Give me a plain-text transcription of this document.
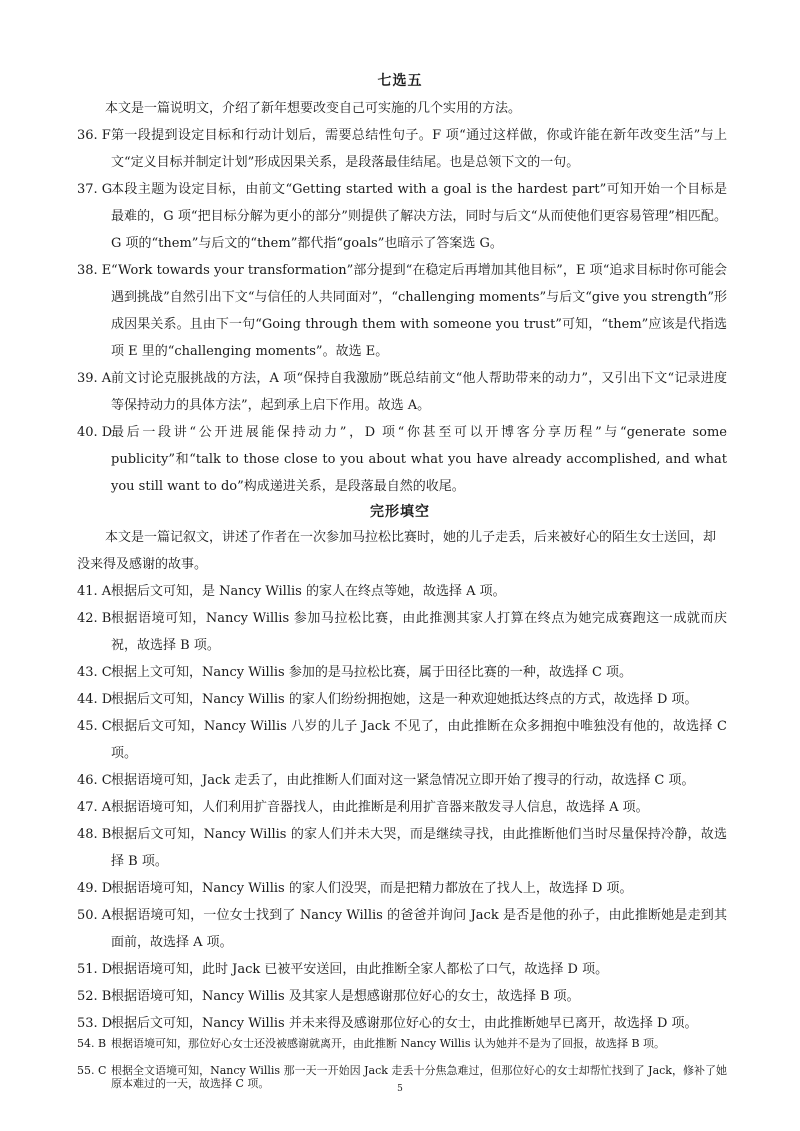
七选五
本文是一篇说明文，介绍了新年想要改变自己可实施的几个实用的方法。
36. F 第一段提到设定目标和行动计划后，需要总结性句子。F 项“通过这样做，你或许能在新年改变生活”与上文“定义目标并制定计划”形成因果关系，是段落最佳结尾。也是总领下文的一句。
37. G
本段主题为设定目标，由前文“Getting started with a goal is the hardest part”可知开始一个目标是最难的，G 项“把目标分解为更小的部分”则提供了解决方法，同时与后文“从而使他们更容易管理”相匹配。G 项的“them”与后文的“them”都代指“goals”也暗示了答案选 G。
38. E “Work towards your transformation”部分提到“在稳定后再增加其他目标”，E 项“追求目标时你可能会遇到挑战”自然引出下文“与信任的人共同面对”，“challenging moments”与后文“give you strength”形成因果关系。且由下一句“Going through them with someone you trust”可知，“them”应该是代指选项 E 里的“challenging moments”。故选 E。
39. A 前文讨论克服挑战的方法，A 项“保持自我激励”既总结前文“他人帮助带来的动力”，又引出下文“记录进度等保持动力的具体方法”，起到承上启下作用。故选 A。
40. D
最后一段讲“公开进展能保持动力”，D 项“你甚至可以开博客分享历程”与“generate some publicity”和“talk to those close to you about what you have already accomplished, and what you still want to do”构成递进关系，是段落最自然的收尾。
完形填空
本文是一篇记叙文，讲述了作者在一次参加马拉松比赛时，她的儿子走丢，后来被好心的陌生女士送回，却没来得及感谢的故事。
41. A 根据后文可知，是 Nancy Willis 的家人在终点等她，故选择 A 项。
42. B 根据语境可知，Nancy Willis 参加马拉松比赛，由此推测其家人打算在终点为她完成赛跑这一成就而庆祝，故选择 B 项。
43. C 根据上文可知，Nancy Willis 参加的是马拉松比赛，属于田径比赛的一种，故选择 C 项。
44. D
根据后文可知，Nancy Willis 的家人们纷纷拥抱她，这是一种欢迎她抵达终点的方式，故选择 D 项。
45. C 根据后文可知，Nancy Willis 八岁的儿子 Jack 不见了，由此推断在众多拥抱中唯独没有他的，故选择 C 项。
46. C 根据语境可知，Jack 走丢了，由此推断人们面对这一紧急情况立即开始了搜寻的行动，故选择 C 项。
47. A 根据语境可知，人们利用扩音器找人，由此推断是利用扩音器来散发寻人信息，故选择 A 项。
48. B 根据后文可知，Nancy Willis 的家人们并未大哭，而是继续寻找，由此推断他们当时尽量保持冷静，故选择 B 项。
49. D
根据语境可知，Nancy Willis 的家人们没哭，而是把精力都放在了找人上，故选择 D 项。
50. A 根据语境可知，一位女士找到了 Nancy Willis 的爸爸并询问 Jack 是否是他的孙子，由此推断她是走到其面前，故选择 A 项。
51. D
根据语境可知，此时 Jack 已被平安送回，由此推断全家人都松了口气，故选择 D 项。
52. B 根据语境可知，Nancy Willis 及其家人是想感谢那位好心的女士，故选择 B 项。
53. D
根据后文可知，Nancy Willis 并未来得及感谢那位好心的女士，由此推断她早已离开，故选择 D 项。
5
54. B 根据语境可知，那位好心女士还没被感谢就离开，由此推断 Nancy Willis 认为她并不是为了回报，故选择 B 项。
55. C 根据全文语境可知，Nancy Willis 那一天一开始因 Jack 走丢十分焦急难过，但那位好心的女士却帮忙找到了 Jack，修补了她原本难过的一天，故选择 C 项。
